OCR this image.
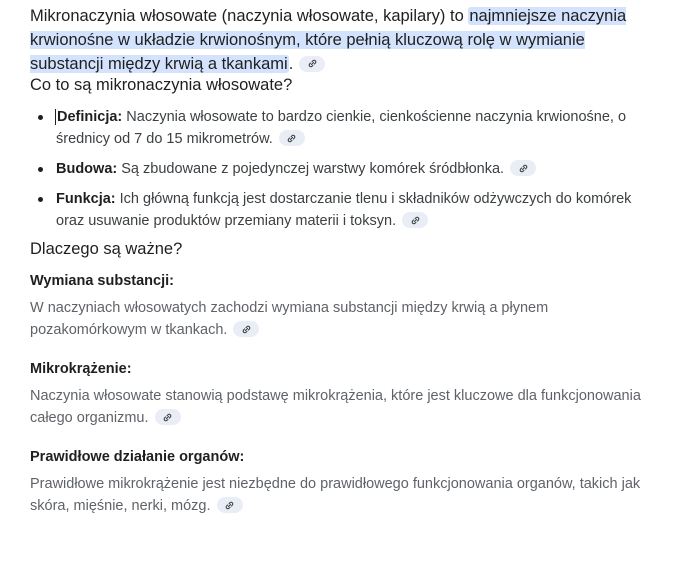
Mikronaczynia włosowate (naczynia włosowate, kapilary) to najmniejsze naczynia krwionośne w układzie krwionośnym, które pełnią kluczową rolę w wymianie substancji między krwią a tkankami.

Co to są mikronaczynia włosowate?
Definicja: Naczynia włosowate to bardzo cienkie, cienkościenne naczynia krwionośne, o średnicy od 7 do 15 mikrometrów.
Budowa: Są zbudowane z pojedynczej warstwy komórek śródbłonka.
Funkcja: Ich główną funkcją jest dostarczanie tlenu i składników odżywczych do komórek oraz usuwanie produktów przemiany materii i toksyn.
Dlaczego są ważne?
Wymiana substancji:

W naczyniach włosowatych zachodzi wymiana substancji między krwią a płynem pozakomórkowym w tkankach.

Mikrokrążenie:

Naczynia włosowate stanowią podstawę mikrokrążenia, które jest kluczowe dla funkcjonowania całego organizmu.

Prawidłowe działanie organów:

Prawidłowe mikrokrążenie jest niezbędne do prawidłowego funkcjonowania organów, takich jak skóra, mięśnie, nerki, mózg.
